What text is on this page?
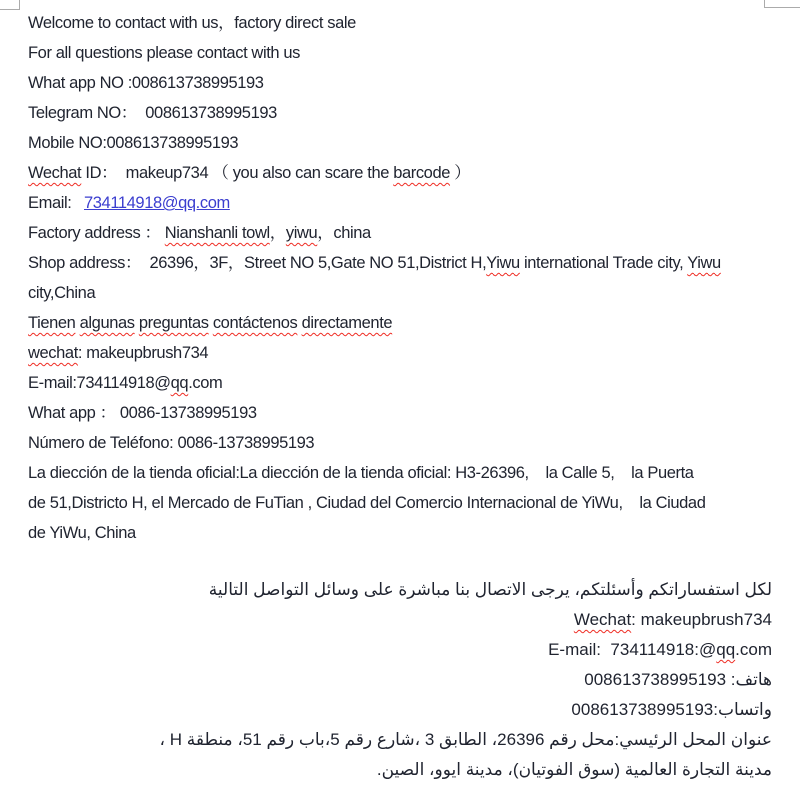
Welcome to contact with us，factory direct sale
For all questions please contact with us
What app NO :008613738995193
Telegram NO：  008613738995193
Mobile NO:008613738995193
Wechat ID：  makeup734 （ you also can scare the barcode ）
Email:   734114918@qq.com
Factory address ： Nianshanli towl，yiwu，china
Shop address：  26396，3F，Street NO 5,Gate NO 51,District H,Yiwu international Trade city, Yiwu
city,China
Tienen algunas preguntas contáctenos directamente
wechat: makeupbrush734
E-mail:734114918@qq.com
What app ： 0086-13738995193
Número de Teléfono: 0086-13738995193
La diección de la tienda oficial:La diección de la tienda oficial: H3-26396,    la Calle 5,    la Puerta
de 51,Districto H, el Mercado de FuTian , Ciudad del Comercio Internacional de YiWu,    la Ciudad
de YiWu, China
لكل استفساراتكم وأسئلتكم، يرجى الاتصال بنا مباشرة على وسائل التواصل التالية
Wechat: makeupbrush734
E-mail:  734114918:@qq.com
هاتف: 008613738995193
واتساب:008613738995193
عنوان المحل الرئيسي:محل رقم 26396، الطابق 3 ،شارع رقم 5،باب رقم 51، منطقة H ،
مدينة التجارة العالمية (سوق الفوتيان)، مدينة ايوو، الصين.
